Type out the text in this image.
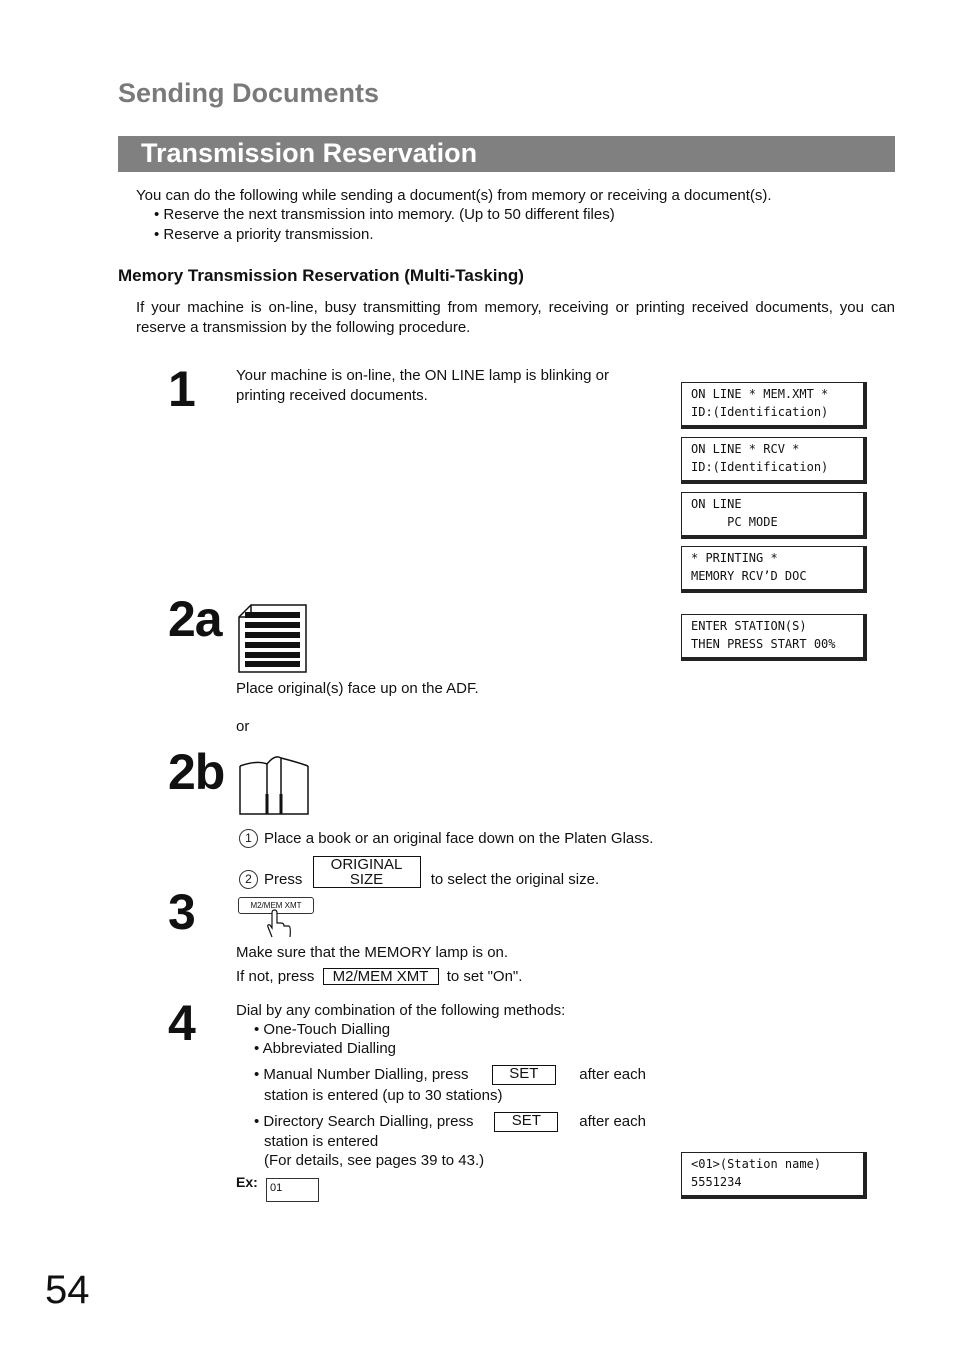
Sending Documents
Transmission Reservation
You can do the following while sending a document(s) from memory or receiving a document(s).
• Reserve the next transmission into memory. (Up to 50 different files)
• Reserve a priority transmission.
Memory Transmission Reservation (Multi-Tasking)
If your machine is on-line, busy transmitting from memory, receiving or printing received documents, you can reserve a transmission by the following procedure.
1	Your machine is on-line, the ON LINE lamp is blinking or printing received documents.	ON LINE * MEM.XMT *
ID:(Identification)
ON LINE * RCV *
ID:(Identification)
ON LINE
PC MODE
* PRINTING *
MEMORY RCV’D DOC
ENTER STATION(S)
THEN PRESS START 00%
<01>(Station name)
5551234
2a
Place original(s) face up on the ADF.
or
2b
1 Place a book or an original face down on the Platen Glass.
2 Press ORIGINAL SIZE	to select the original size.
3	M2/MEM XMT
Make sure that the MEMORY lamp is on.
If not, press M2/MEM XMT to set "On".
4	Dial by any combination of the following methods:
• One-Touch Dialling
• Abbreviated Dialling
• Manual Number Dialling, press	SET	after each
station is entered (up to 30 stations)
• Directory Search Dialling, press	SET	after each
station is entered
(For details, see pages 39 to 43.)
Ex:	01
54
